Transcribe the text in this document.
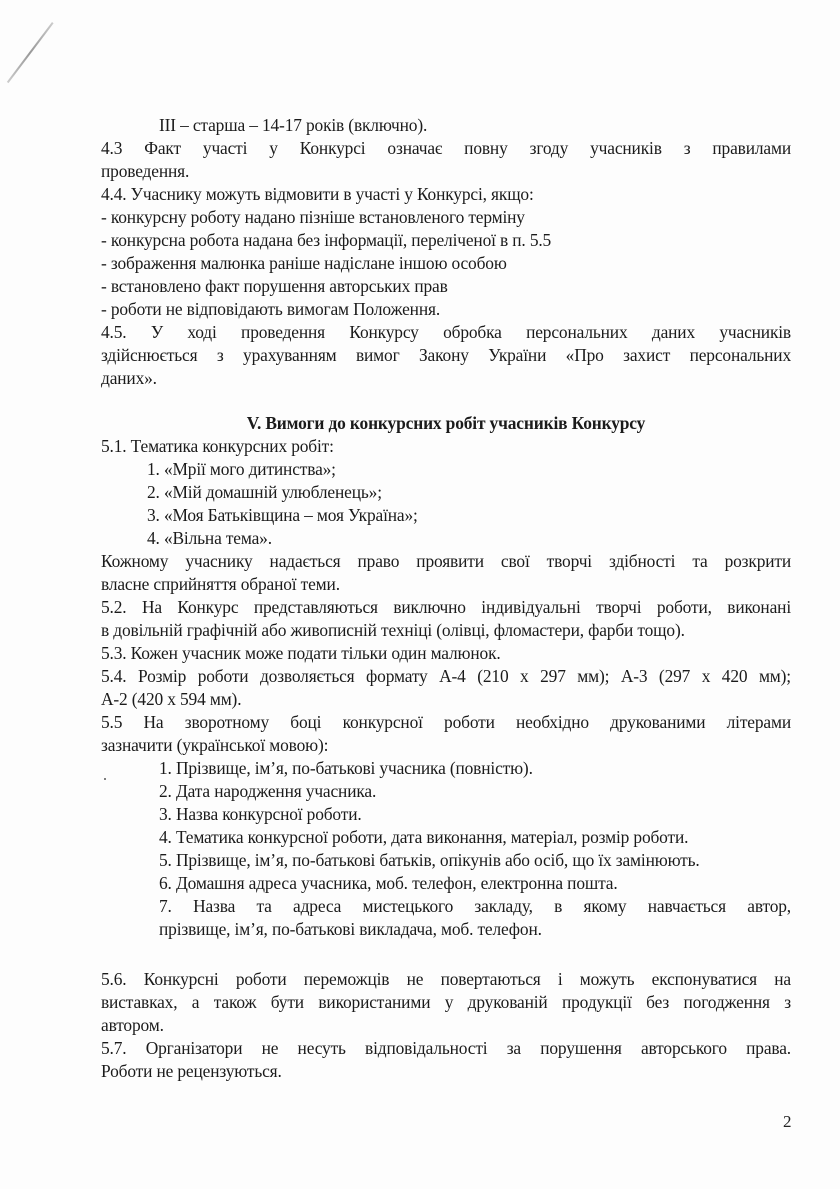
ІІІ – старша – 14-17 років (включно).
4.3 Факт участі у Конкурсі означає повну згоду учасників з правилами
проведення.
4.4. Учаснику можуть відмовити в участі у Конкурсі, якщо:
- конкурсну роботу надано пізніше встановленого терміну
- конкурсна робота надана без інформації, переліченої в п. 5.5
- зображення малюнка раніше надіслане іншою особою
- встановлено факт порушення авторських прав
- роботи не відповідають вимогам Положення.
4.5. У ході проведення Конкурсу обробка персональних даних учасників
здійснюється з урахуванням вимог Закону України «Про захист персональних
даних».
V. Вимоги до конкурсних робіт учасників Конкурсу
5.1. Тематика конкурсних робіт:
1. «Мрії мого дитинства»;
2. «Мій домашній улюбленець»;
3. «Моя Батьківщина – моя Україна»;
4. «Вільна тема».
Кожному учаснику надається право проявити свої творчі здібності та розкрити
власне сприйняття обраної теми.
5.2. На Конкурс представляються виключно індивідуальні творчі роботи, виконані
в довільній графічній або живописній техніці (олівці, фломастери, фарби тощо).
5.3. Кожен учасник може подати тільки один малюнок.
5.4. Розмір роботи дозволяється формату А-4 (210 х 297 мм); А-3 (297 х 420 мм);
А-2 (420 х 594 мм).
5.5 На зворотному боці конкурсної роботи необхідно друкованими літерами
зазначити (української мовою):
1. Прізвище, ім’я, по-батькові учасника (повністю).
2. Дата народження учасника.
3. Назва конкурсної роботи.
4. Тематика конкурсної роботи, дата виконання, матеріал, розмір роботи.
5. Прізвище, ім’я, по-батькові батьків, опікунів або осіб, що їх замінюють.
6. Домашня адреса учасника, моб. телефон, електронна пошта.
7. Назва та адреса мистецького закладу, в якому навчається автор,
прізвище, ім’я, по-батькові викладача, моб. телефон.
5.6. Конкурсні роботи переможців не повертаються і можуть експонуватися на
виставках, а також бути використаними у друкованій продукції без погодження з
автором.
5.7. Організатори не несуть відповідальності за порушення авторського права.
Роботи не рецензуються.
2
